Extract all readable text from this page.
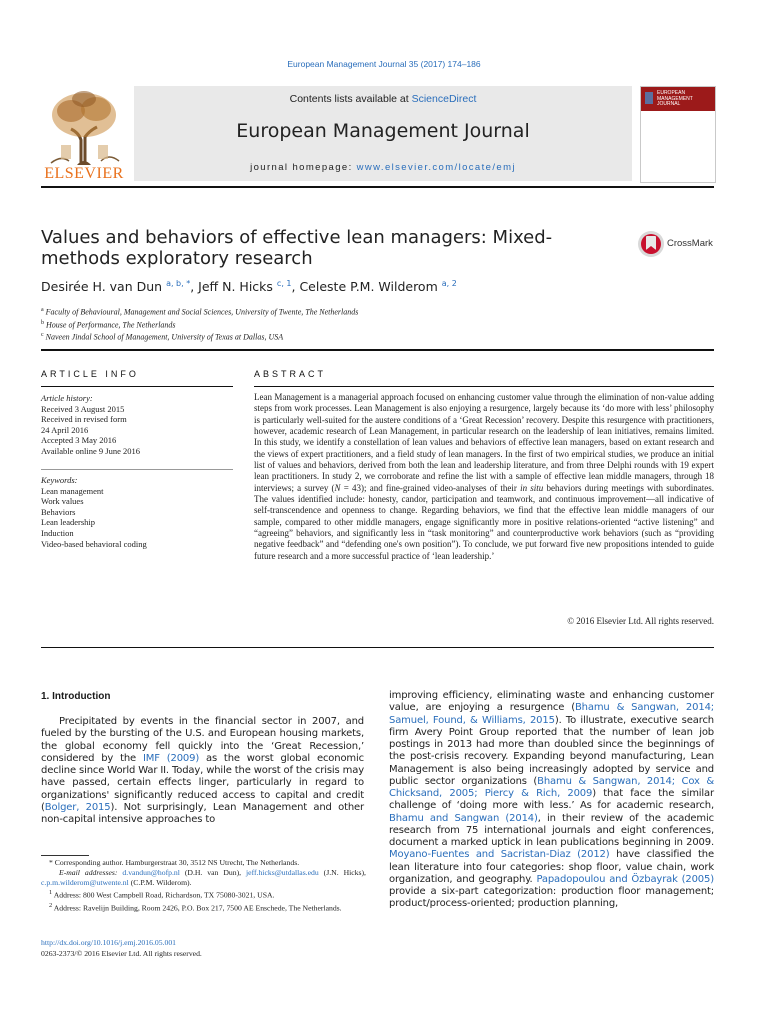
European Management Journal 35 (2017) 174–186
ELSEVIER
Contents lists available at ScienceDirect
European Management Journal
journal homepage: www.elsevier.com/locate/emj
EUROPEAN MANAGEMENT JOURNAL
Values and behaviors of effective lean managers: Mixed-methods exploratory research
CrossMark
Desirée H. van Dun $^{a, b, *}$, Jeff N. Hicks $^{c, 1}$, Celeste P.M. Wilderom $^{a, 2}$
$^a$ Faculty of Behavioural, Management and Social Sciences, University of Twente, The Netherlands
$^b$ House of Performance, The Netherlands
$^c$ Naveen Jindal School of Management, University of Texas at Dallas, USA
ARTICLE INFO
Article history:
Received 3 August 2015
Received in revised form
24 April 2016
Accepted 3 May 2016
Available online 9 June 2016
Keywords:
Lean management
Work values
Behaviors
Lean leadership
Induction
Video-based behavioral coding
ABSTRACT
Lean Management is a managerial approach focused on enhancing customer value through the elimination of non-value adding steps from work processes. Lean Management is also enjoying a resurgence, largely because its ‘do more with less’ philosophy is particularly well-suited for the austere conditions of a ‘Great Recession’ recovery. Despite this resurgence with practitioners, however, academic research of Lean Management, in particular research on the leadership of lean initiatives, remains limited. In this study, we identify a constellation of lean values and behaviors of effective lean managers, based on extant research and the views of expert practitioners, and a field study of lean managers. In the first of two empirical studies, we produce an initial list of values and behaviors, derived from both the lean and leadership literature, and from three Delphi rounds with 19 expert lean practitioners. In study 2, we corroborate and refine the list with a sample of effective lean middle managers, through 18 interviews; a survey (N = 43); and fine-grained video-analyses of their in situ behaviors during meetings with subordinates. The values identified include: honesty, candor, participation and teamwork, and continuous improvement—all indicative of self-transcendence and openness to change. Regarding behaviors, we find that the effective lean middle managers of our sample, compared to other middle managers, engage significantly more in positive relations-oriented “active listening” and “agreeing” behaviors, and significantly less in “task monitoring” and counterproductive work behaviors (such as “providing negative feedback” and “defending one's own position”). To conclude, we put forward five new propositions intended to guide future research and a more successful practice of ‘lean leadership.’
© 2016 Elsevier Ltd. All rights reserved.
1. Introduction
Precipitated by events in the financial sector in 2007, and fueled by the bursting of the U.S. and European housing markets, the global economy fell quickly into the ‘Great Recession,’ considered by the IMF (2009) as the worst global economic decline since World War II. Today, while the worst of the crisis may have passed, certain effects linger, particularly in regard to organizations' significantly reduced access to capital and credit (Bolger, 2015). Not surprisingly, Lean Management and other non-capital intensive approaches to
improving efficiency, eliminating waste and enhancing customer value, are enjoying a resurgence (Bhamu & Sangwan, 2014; Samuel, Found, & Williams, 2015). To illustrate, executive search firm Avery Point Group reported that the number of lean job postings in 2013 had more than doubled since the beginnings of the post-crisis recovery. Expanding beyond manufacturing, Lean Management is also being increasingly adopted by service and public sector organizations (Bhamu & Sangwan, 2014; Cox & Chicksand, 2005; Piercy & Rich, 2009) that face the similar challenge of ‘doing more with less.’ As for academic research, Bhamu and Sangwan (2014), in their review of the academic research from 75 international journals and eight conferences, document a marked uptick in lean publications beginning in 2009. Moyano-Fuentes and Sacristan-Diaz (2012) have classified the lean literature into four categories: shop floor, value chain, work organization, and geography. Papadopoulou and Özbayrak (2005) provide a six-part categorization: production floor management; product/process-oriented; production planning,
* Corresponding author. Hamburgerstraat 30, 3512 NS Utrecht, The Netherlands.
E-mail addresses: d.vandun@hofp.nl (D.H. van Dun), jeff.hicks@utdallas.edu (J.N. Hicks), c.p.m.wilderom@utwente.nl (C.P.M. Wilderom).
$^1$ Address: 800 West Campbell Road, Richardson, TX 75080-3021, USA.
$^2$ Address: Ravelijn Building, Room 2426, P.O. Box 217, 7500 AE Enschede, The Netherlands.
http://dx.doi.org/10.1016/j.emj.2016.05.001
0263-2373/© 2016 Elsevier Ltd. All rights reserved.
